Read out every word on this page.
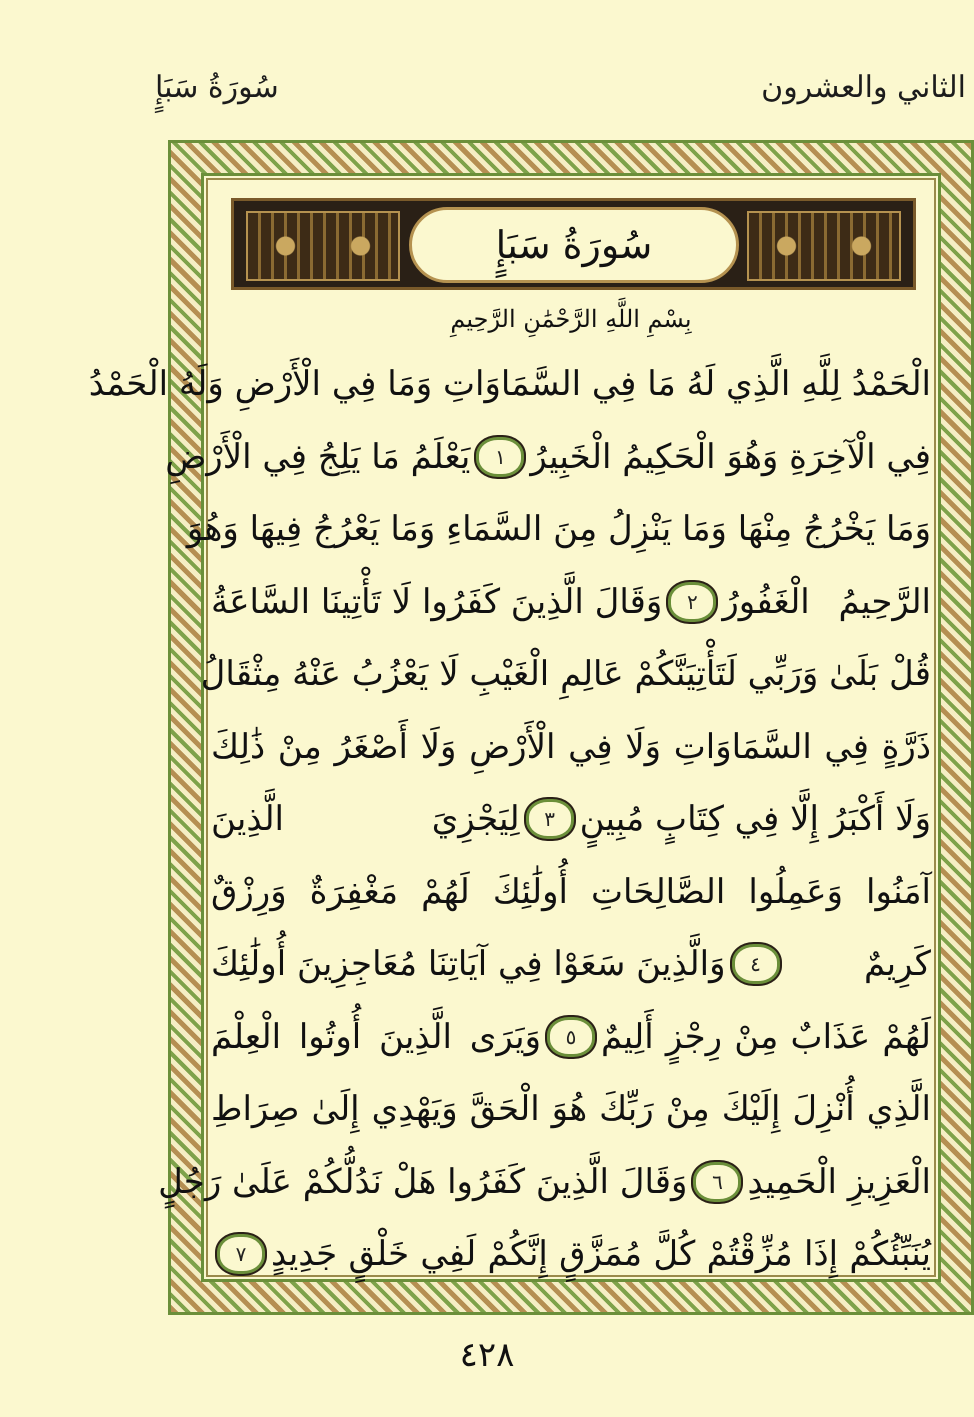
سُورَةُ سَبَإٍ	الثاني والعشرون
سُورَةُ سَبَإٍ
بِسْمِ اللَّهِ الرَّحْمَٰنِ الرَّحِيمِ
الْحَمْدُ لِلَّهِ الَّذِي لَهُ مَا فِي السَّمَاوَاتِ وَمَا فِي الْأَرْضِ وَلَهُ الْحَمْدُ
فِي الْآخِرَةِ وَهُوَ الْحَكِيمُ الْخَبِيرُ
١
يَعْلَمُ مَا يَلِجُ فِي الْأَرْضِ
وَمَا يَخْرُجُ مِنْهَا وَمَا يَنْزِلُ مِنَ السَّمَاءِ وَمَا يَعْرُجُ فِيهَا وَهُوَ
الرَّحِيمُ الْغَفُورُ
٢
وَقَالَ الَّذِينَ كَفَرُوا لَا تَأْتِينَا السَّاعَةُ
قُلْ بَلَىٰ وَرَبِّي لَتَأْتِيَنَّكُمْ عَالِمِ الْغَيْبِ لَا يَعْزُبُ عَنْهُ مِثْقَالُ
ذَرَّةٍ فِي السَّمَاوَاتِ وَلَا فِي الْأَرْضِ وَلَا أَصْغَرُ مِنْ ذَٰلِكَ
وَلَا أَكْبَرُ إِلَّا فِي كِتَابٍ مُبِينٍ
٣
لِيَجْزِيَ الَّذِينَ
آمَنُوا وَعَمِلُوا الصَّالِحَاتِ أُولَٰئِكَ لَهُمْ مَغْفِرَةٌ وَرِزْقٌ
كَرِيمٌ
٤
وَالَّذِينَ سَعَوْا فِي آيَاتِنَا مُعَاجِزِينَ أُولَٰئِكَ
لَهُمْ عَذَابٌ مِنْ رِجْزٍ أَلِيمٌ
٥
وَيَرَى الَّذِينَ أُوتُوا الْعِلْمَ
الَّذِي أُنْزِلَ إِلَيْكَ مِنْ رَبِّكَ هُوَ الْحَقَّ وَيَهْدِي إِلَىٰ صِرَاطِ
الْعَزِيزِ الْحَمِيدِ
٦
وَقَالَ الَّذِينَ كَفَرُوا هَلْ نَدُلُّكُمْ عَلَىٰ رَجُلٍ
يُنَبِّئُكُمْ إِذَا مُزِّقْتُمْ كُلَّ مُمَزَّقٍ إِنَّكُمْ لَفِي خَلْقٍ جَدِيدٍ
٧
٤٢٨
